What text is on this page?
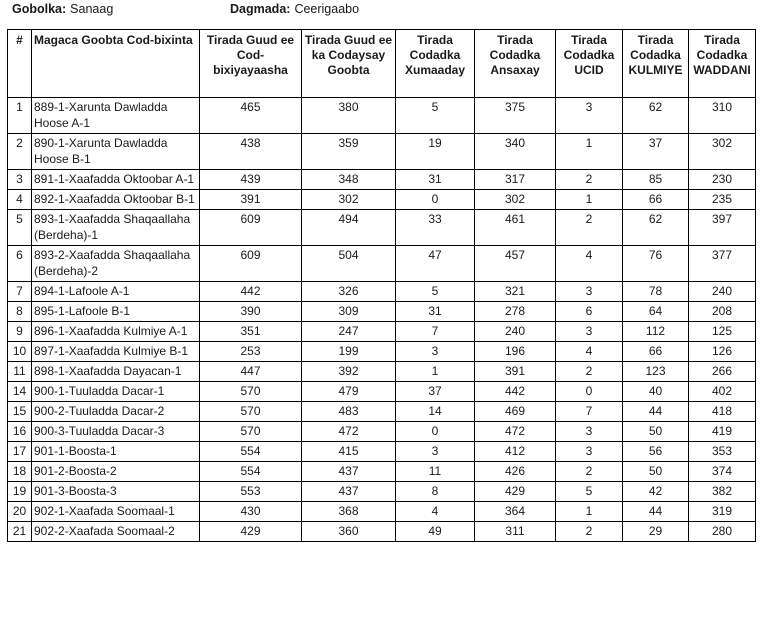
Gobolka: Sanaag	Dagmada: Ceerigaabo
#	Magaca Goobta Cod-bixinta	Tirada Guud ee Cod-bixiyayaasha	Tirada Guud ee ka Codaysay Goobta	Tirada Codadka Xumaaday	Tirada Codadka Ansaxay	Tirada Codadka UCID	Tirada Codadka KULMIYE	Tirada Codadka WADDANI
1	889-1-Xarunta Dawladda Hoose A-1	465	380	5	375	3	62	310
2	890-1-Xarunta Dawladda Hoose B-1	438	359	19	340	1	37	302
3	891-1-Xaafadda Oktoobar A-1	439	348	31	317	2	85	230
4	892-1-Xaafadda Oktoobar B-1	391	302	0	302	1	66	235
5	893-1-Xaafadda Shaqaallaha (Berdeha)-1	609	494	33	461	2	62	397
6	893-2-Xaafadda Shaqaallaha (Berdeha)-2	609	504	47	457	4	76	377
7	894-1-Lafoole A-1	442	326	5	321	3	78	240
8	895-1-Lafoole B-1	390	309	31	278	6	64	208
9	896-1-Xaafadda Kulmiye A-1	351	247	7	240	3	112	125
10	897-1-Xaafadda Kulmiye B-1	253	199	3	196	4	66	126
11	898-1-Xaafadda Dayacan-1	447	392	1	391	2	123	266
14	900-1-Tuuladda Dacar-1	570	479	37	442	0	40	402
15	900-2-Tuuladda Dacar-2	570	483	14	469	7	44	418
16	900-3-Tuuladda Dacar-3	570	472	0	472	3	50	419
17	901-1-Boosta-1	554	415	3	412	3	56	353
18	901-2-Boosta-2	554	437	11	426	2	50	374
19	901-3-Boosta-3	553	437	8	429	5	42	382
20	902-1-Xaafada Soomaal-1	430	368	4	364	1	44	319
21	902-2-Xaafada Soomaal-2	429	360	49	311	2	29	280
